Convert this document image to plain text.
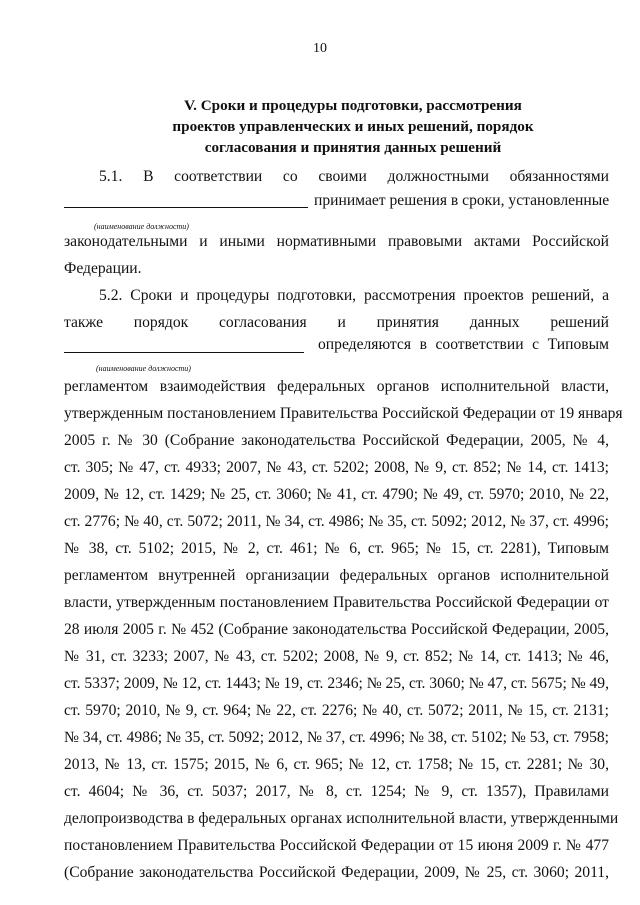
10
V. Сроки и процедуры подготовки, рассмотрения
проектов управленческих и иных решений, порядок
согласования и принятия данных решений
5.1. В соответствии со своими должностными обязанностями
принимает решения в сроки, установленные
(наименование должности)
законодательными и иными нормативными правовыми актами Российской
Федерации.
5.2. Сроки и процедуры подготовки, рассмотрения проектов решений, а
также порядок согласования и принятия данных решений
определяются в соответствии с Типовым
(наименование должности)
регламентом взаимодействия федеральных органов исполнительной власти,
утвержденным постановлением Правительства Российской Федерации от 19 января
2005 г. № 30 (Собрание законодательства Российской Федерации, 2005, № 4,
ст. 305; № 47, ст. 4933; 2007, № 43, ст. 5202; 2008, № 9, ст. 852; № 14, ст. 1413;
2009, № 12, ст. 1429; № 25, ст. 3060; № 41, ст. 4790; № 49, ст. 5970; 2010, № 22,
ст. 2776; № 40, ст. 5072; 2011, № 34, ст. 4986; № 35, ст. 5092; 2012, № 37, ст. 4996;
№ 38, ст. 5102; 2015, № 2, ст. 461; № 6, ст. 965; № 15, ст. 2281), Типовым
регламентом внутренней организации федеральных органов исполнительной
власти, утвержденным постановлением Правительства Российской Федерации от
28 июля 2005 г. № 452 (Собрание законодательства Российской Федерации, 2005,
№ 31, ст. 3233; 2007, № 43, ст. 5202; 2008, № 9, ст. 852; № 14, ст. 1413; № 46,
ст. 5337; 2009, № 12, ст. 1443; № 19, ст. 2346; № 25, ст. 3060; № 47, ст. 5675; № 49,
ст. 5970; 2010, № 9, ст. 964; № 22, ст. 2276; № 40, ст. 5072; 2011, № 15, ст. 2131;
№ 34, ст. 4986; № 35, ст. 5092; 2012, № 37, ст. 4996; № 38, ст. 5102; № 53, ст. 7958;
2013, № 13, ст. 1575; 2015, № 6, ст. 965; № 12, ст. 1758; № 15, ст. 2281; № 30,
ст. 4604; № 36, ст. 5037; 2017, № 8, ст. 1254; № 9, ст. 1357), Правилами
делопроизводства в федеральных органах исполнительной власти, утвержденными
постановлением Правительства Российской Федерации от 15 июня 2009 г. № 477
(Собрание законодательства Российской Федерации, 2009, № 25, ст. 3060; 2011,
